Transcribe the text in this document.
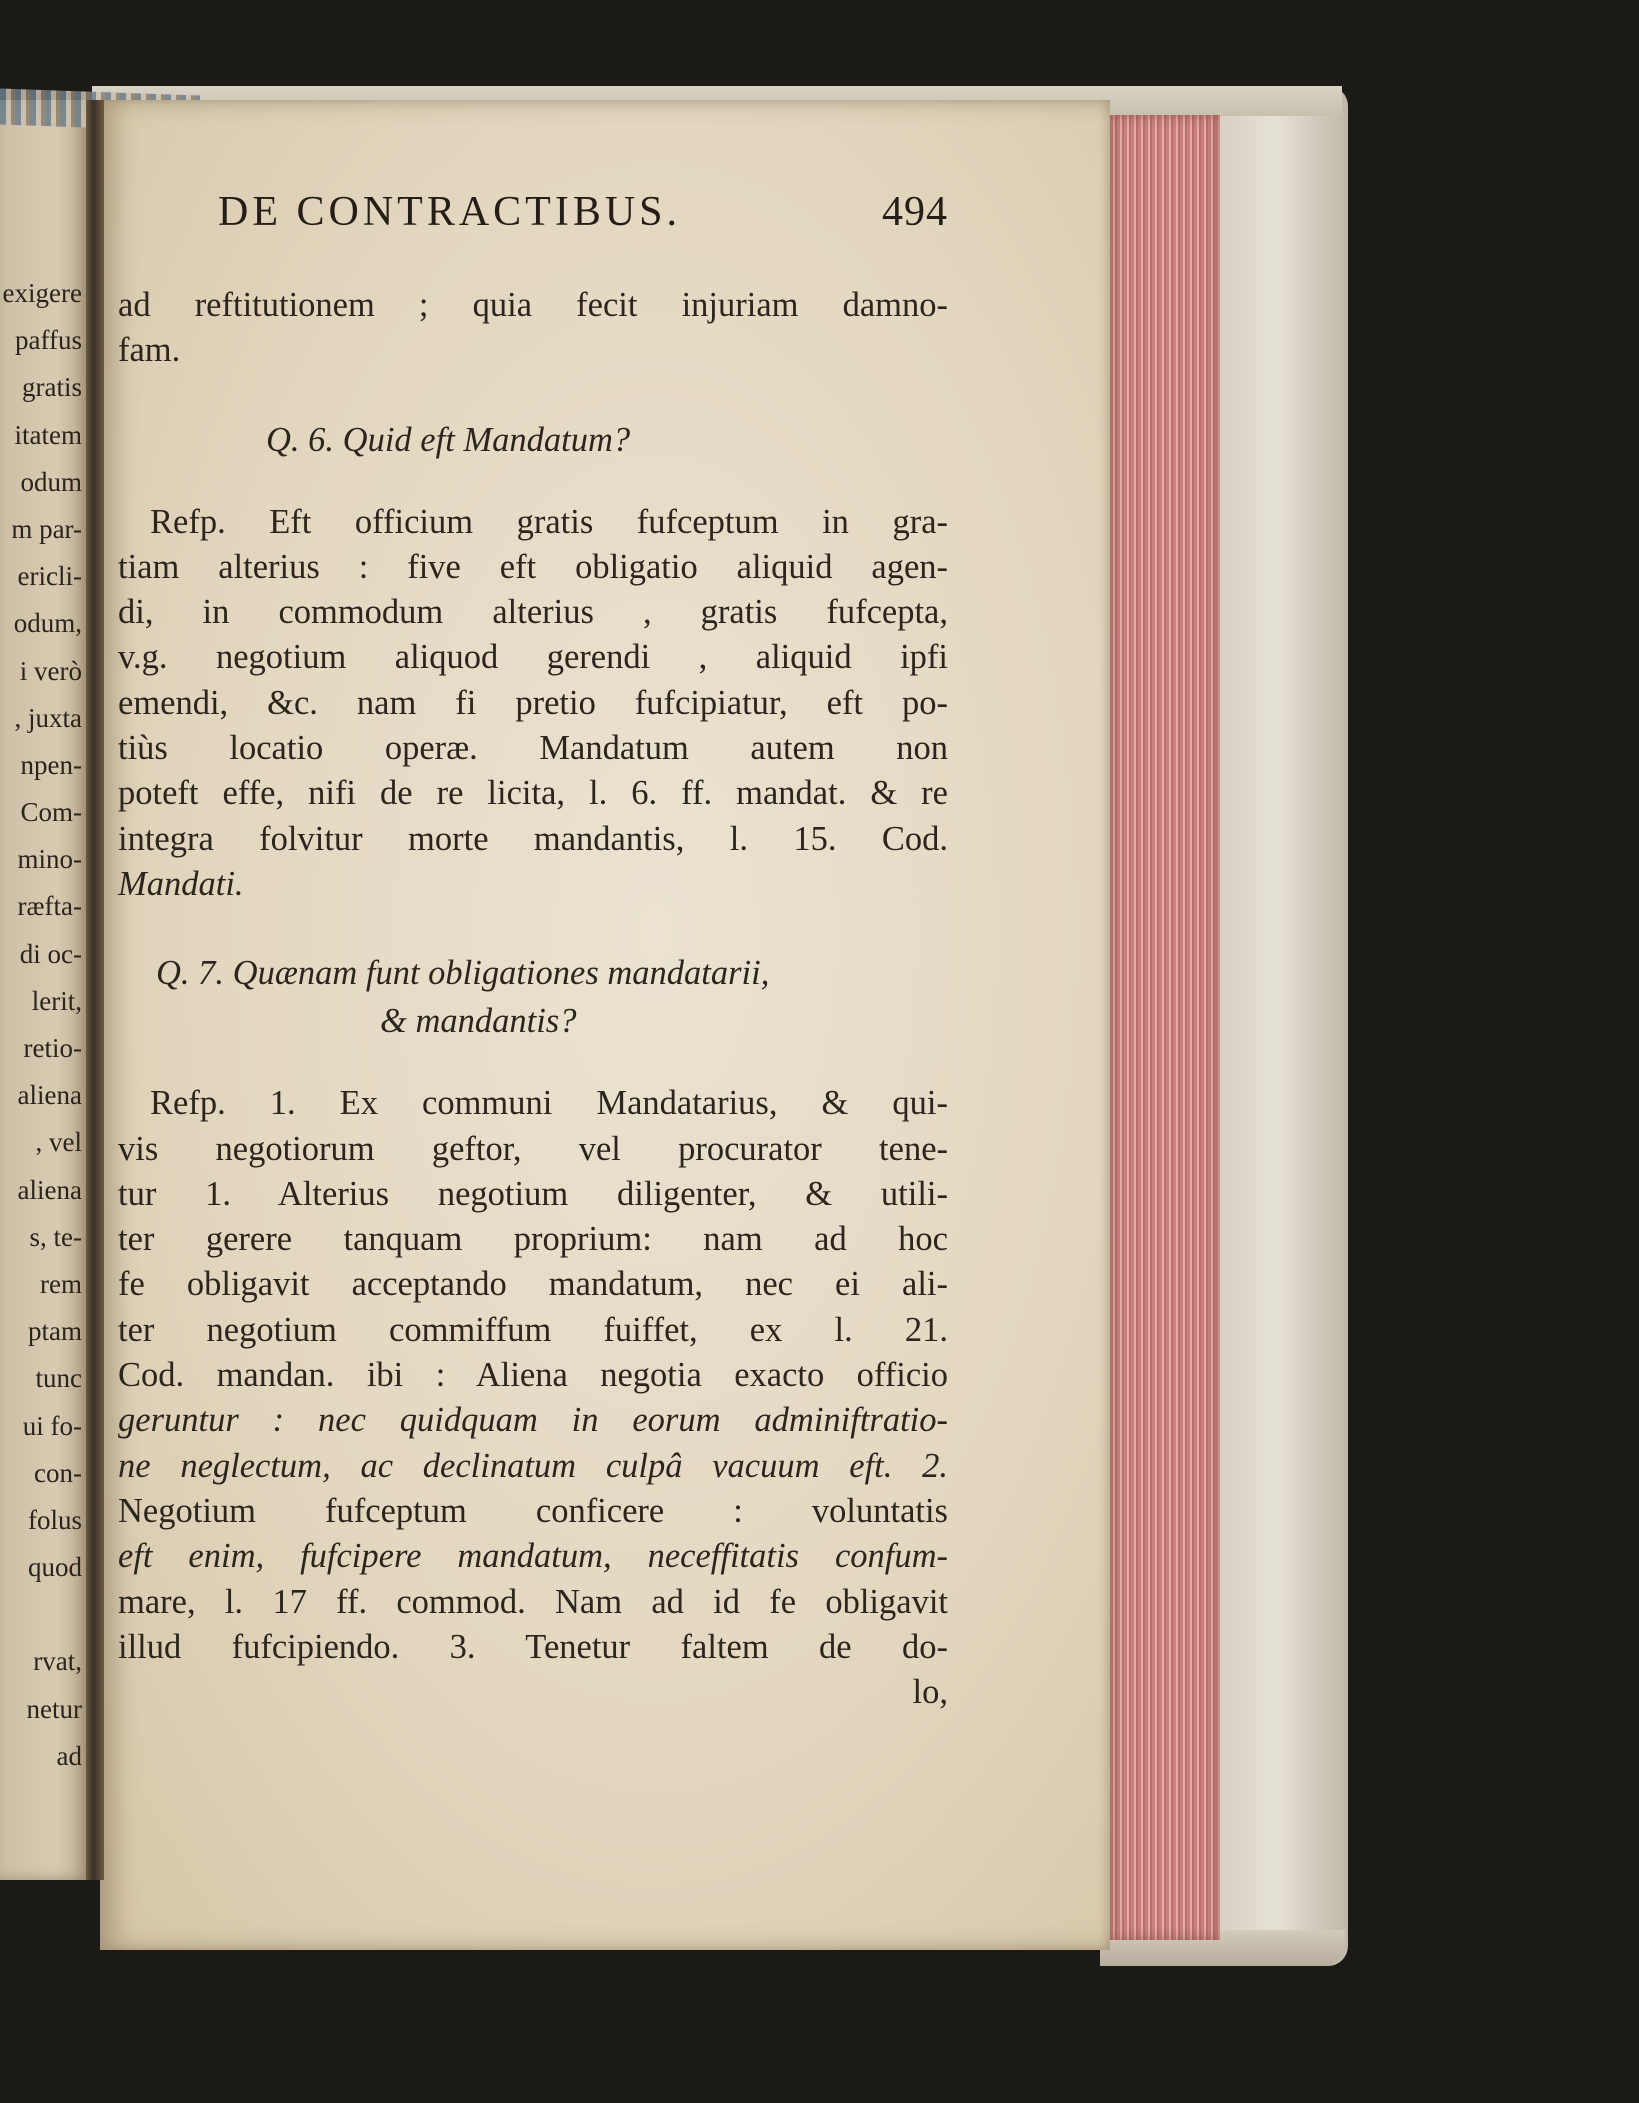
exigere
paffus
gratis
itatem
odum
m par-
ericli-
odum,
i verò
, juxta
npen-
Com-
mino-
ræfta-
di oc-
lerit,
retio-
aliena
, vel
aliena
s, te-
rem
ptam
tunc
ui fo-
con-
folus
quod
rvat,
netur
ad
DE CONTRACTIBUS.	494
ad reftitutionem ; quia fecit injuriam damno-
fam.
Q. 6. Quid eft Mandatum?
Refp. Eft officium gratis fufceptum in gra-
tiam alterius : five eft obligatio aliquid agen-
di, in commodum alterius , gratis fufcepta,
v.g. negotium aliquod gerendi , aliquid ipfi
emendi, &c. nam fi pretio fufcipiatur, eft po-
tiùs locatio operæ. Mandatum autem non
poteft effe, nifi de re licita, l. 6. ff. mandat. & re
integra folvitur morte mandantis, l. 15. Cod.
Mandati.
Q. 7. Quænam funt obligationes mandatarii,
& mandantis?
Refp. 1. Ex communi Mandatarius, & qui-
vis negotiorum geftor, vel procurator tene-
tur 1. Alterius negotium diligenter, & utili-
ter gerere tanquam proprium: nam ad hoc
fe obligavit acceptando mandatum, nec ei ali-
ter negotium commiffum fuiffet, ex l. 21.
Cod. mandan. ibi : Aliena negotia exacto officio
geruntur : nec quidquam in eorum adminiftratio-
ne neglectum, ac declinatum culpâ vacuum eft. 2.
Negotium fufceptum conficere : voluntatis
eft enim, fufcipere mandatum, neceffitatis confum-
mare, l. 17 ff. commod. Nam ad id fe obligavit
illud fufcipiendo. 3. Tenetur faltem de do-
lo,
